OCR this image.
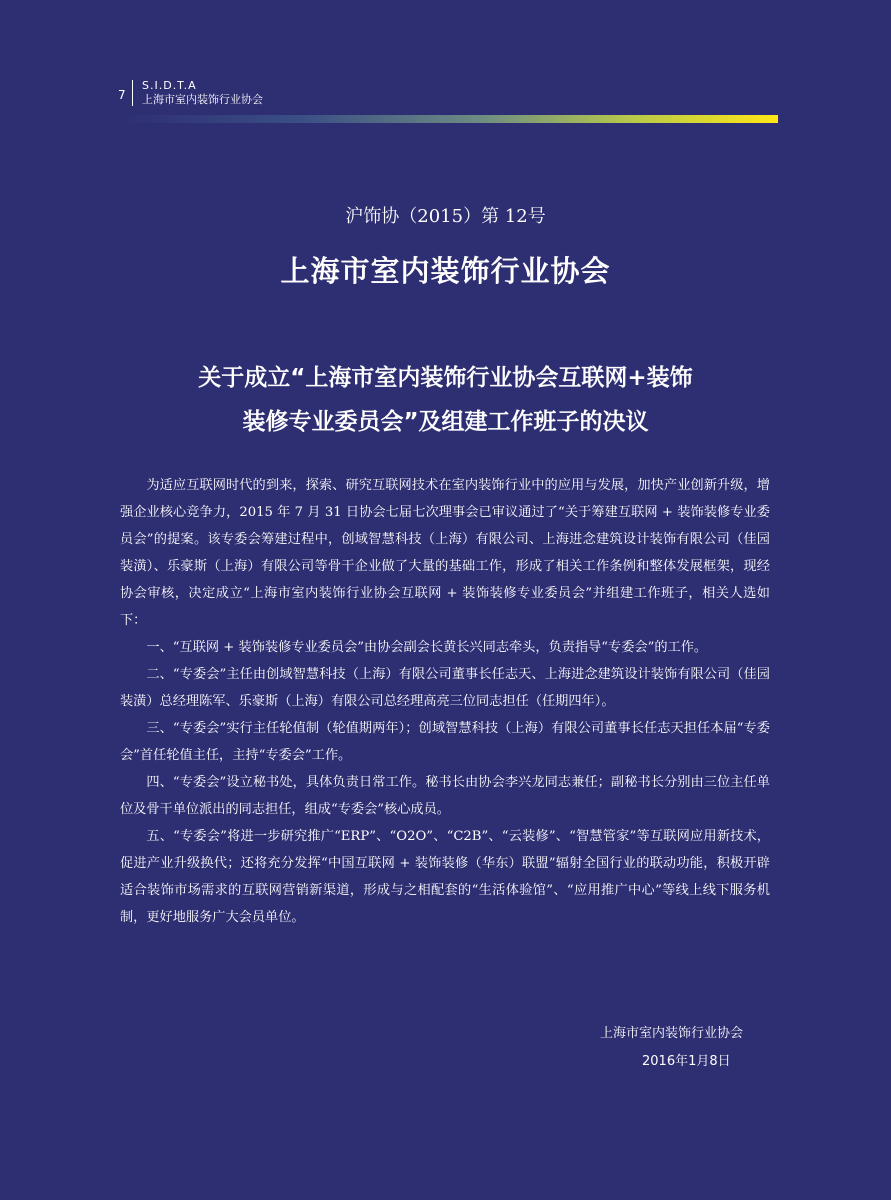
7
S.I.D.T.A
上海市室内装饰行业协会
沪饰协（2015）第 12号
上海市室内装饰行业协会
关于成立“上海市室内装饰行业协会互联网+装饰
装修专业委员会”及组建工作班子的决议

为适应互联网时代的到来，探索、研究互联网技术在室内装饰行业中的应用与发展，加快产业创新升级，增强企业核心竞争力，2015 年 7 月 31 日协会七届七次理事会已审议通过了“关于筹建互联网 + 装饰装修专业委员会”的提案。该专委会筹建过程中，创域智慧科技（上海）有限公司、上海进念建筑设计装饰有限公司（佳园装潢）、乐豪斯（上海）有限公司等骨干企业做了大量的基础工作，形成了相关工作条例和整体发展框架，现经协会审核，决定成立“上海市室内装饰行业协会互联网 + 装饰装修专业委员会”并组建工作班子，相关人选如下：

一、“互联网 + 装饰装修专业委员会”由协会副会长黄长兴同志牵头，负责指导“专委会”的工作。

二、“专委会”主任由创域智慧科技（上海）有限公司董事长任志天、上海进念建筑设计装饰有限公司（佳园装潢）总经理陈军、乐豪斯（上海）有限公司总经理高亮三位同志担任（任期四年）。

三、“专委会”实行主任轮值制（轮值期两年）；创域智慧科技（上海）有限公司董事长任志天担任本届“专委会”首任轮值主任，主持“专委会”工作。

四、“专委会”设立秘书处，具体负责日常工作。秘书长由协会李兴龙同志兼任；副秘书长分别由三位主任单位及骨干单位派出的同志担任，组成“专委会”核心成员。

五、“专委会”将进一步研究推广“ERP”、“O2O”、“C2B”、“云装修”、“智慧管家”等互联网应用新技术，促进产业升级换代；还将充分发挥“中国互联网 + 装饰装修（华东）联盟”辐射全国行业的联动功能，积极开辟适合装饰市场需求的互联网营销新渠道，形成与之相配套的“生活体验馆”、“应用推广中心”等线上线下服务机制，更好地服务广大会员单位。

上海市室内装饰行业协会
2016年1月8日
